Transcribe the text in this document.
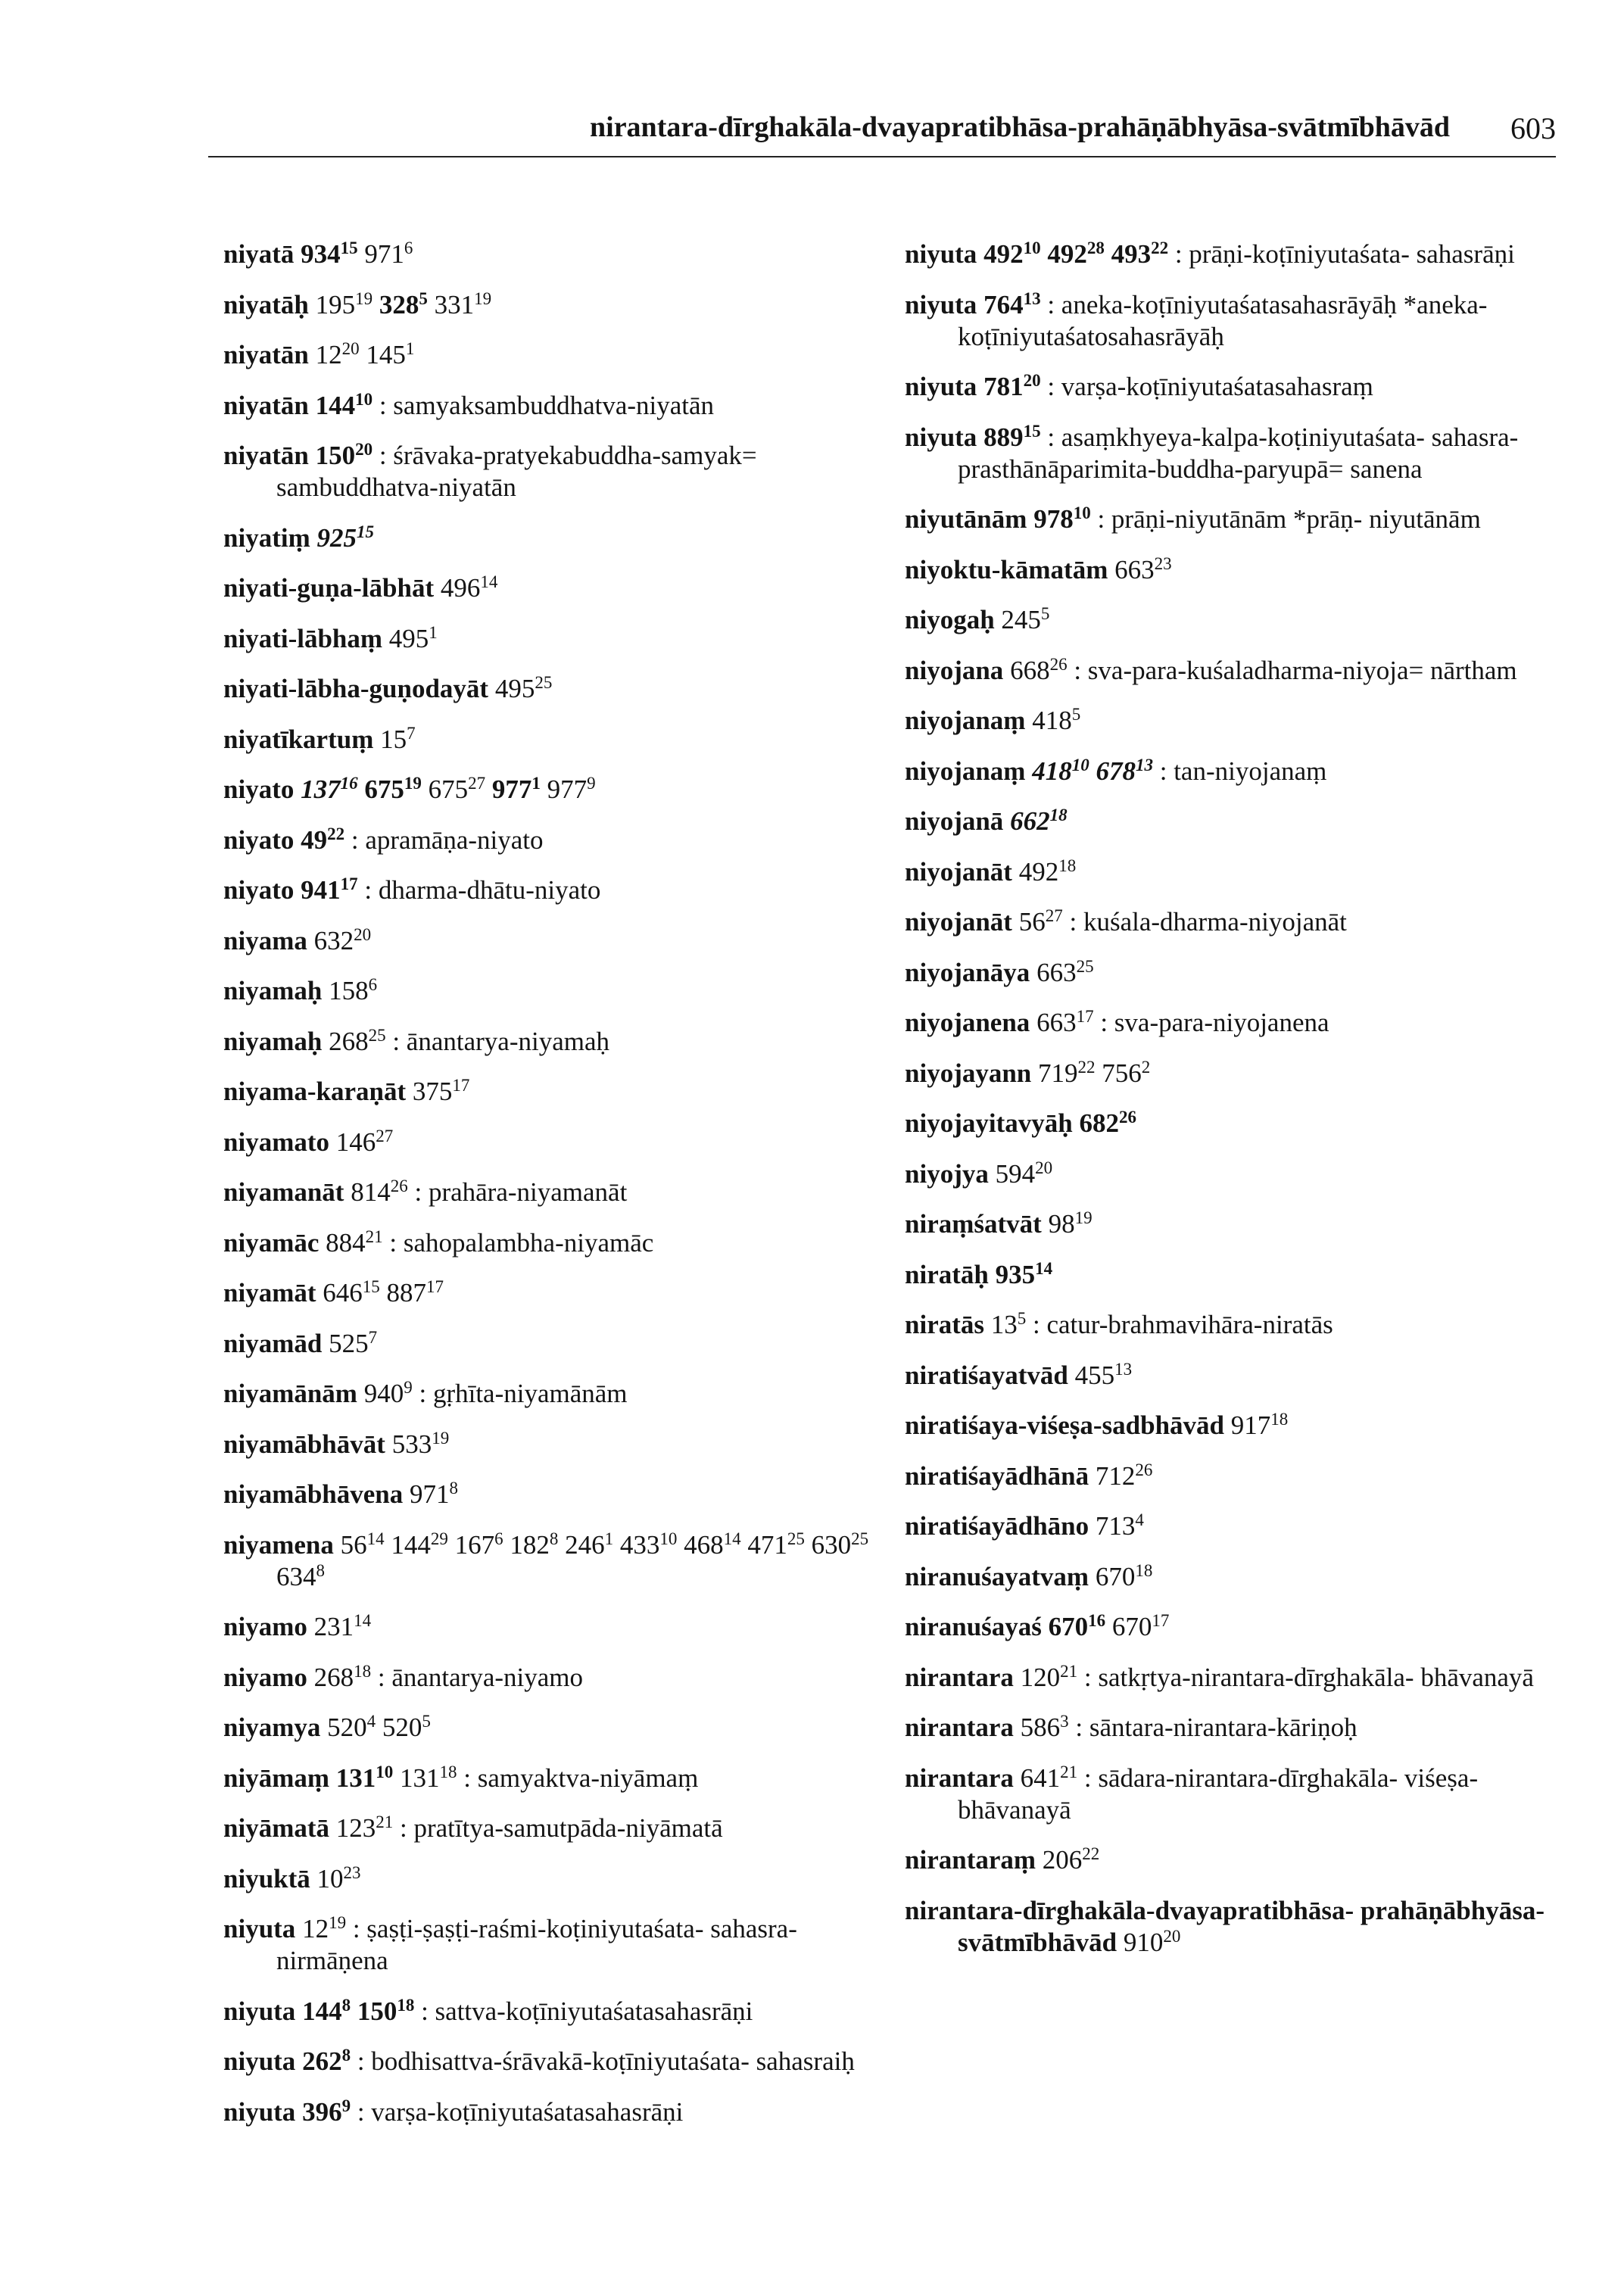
nirantara-dīrghakāla-dvayapratibhāsa-prahāṇābhyāsa-svātmībhāvād 603
niyatā $934^{15}$ $971^6$
niyatāḥ $195^{19}$ $328^5$ $331^{19}$
niyatān $12^{20}$ $145^1$
niyatān $144^{10}$ : samyaksambuddhatva-niyatān
niyatān $150^{20}$ : śrāvaka-pratyekabuddha-samyak= sambuddhatva-niyatān
niyatiṃ $925^{15}$
niyati-guṇa-lābhāt $496^{14}$
niyati-lābhaṃ $495^1$
niyati-lābha-guṇodayāt $495^{25}$
niyatīkartuṃ $15^7$
niyato $137^{16}$ $675^{19}$ $675^{27}$ $977^1$ $977^9$
niyato $49^{22}$ : apramāṇa-niyato
niyato $941^{17}$ : dharma-dhātu-niyato
niyama $632^{20}$
niyamaḥ $158^6$
niyamaḥ $268^{25}$ : ānantarya-niyamaḥ
niyama-karaṇāt $375^{17}$
niyamato $146^{27}$
niyamanāt $814^{26}$ : prahāra-niyamanāt
niyamāc $884^{21}$ : sahopalambha-niyamāc
niyamāt $646^{15}$ $887^{17}$
niyamād $525^7$
niyamānām $940^9$ : gṛhīta-niyamānām
niyamābhāvāt $533^{19}$
niyamābhāvena $971^8$
niyamena $56^{14}$ $144^{29}$ $167^6$ $182^8$ $246^1$ $433^{10}$ $468^{14}$ $471^{25}$ $630^{25}$ $634^8$
niyamo $231^{14}$
niyamo $268^{18}$ : ānantarya-niyamo
niyamya $520^4$ $520^5$
niyāmaṃ $131^{10}$ $131^{18}$ : samyaktva-niyāmaṃ
niyāmatā $123^{21}$ : pratītya-samutpāda-niyāmatā
niyuktā $10^{23}$
niyuta $12^{19}$ : ṣaṣṭi-ṣaṣṭi-raśmi-koṭiniyutaśata- sahasra-nirmāṇena
niyuta $144^8$ $150^{18}$ : sattva-koṭīniyutaśatasahasrāṇi
niyuta $262^8$ : bodhisattva-śrāvakā-koṭīniyutaśata- sahasraiḥ
niyuta $396^9$ : varṣa-koṭīniyutaśatasahasrāṇi
niyuta $492^{10}$ $492^{28}$ $493^{22}$ : prāṇi-koṭīniyutaśata- sahasrāṇi
niyuta $764^{13}$ : aneka-koṭīniyutaśatasahasrāyāḥ *aneka-koṭīniyutaśatosahasrāyāḥ
niyuta $781^{20}$ : varṣa-koṭīniyutaśatasahasraṃ
niyuta $889^{15}$ : asaṃkhyeya-kalpa-koṭiniyutaśata- sahasra-prasthānāparimita-buddha-paryupā= sanena
niyutānām $978^{10}$ : prāṇi-niyutānām *prāṇ- niyutānām
niyoktu-kāmatām $663^{23}$
niyogaḥ $245^5$
niyojana $668^{26}$ : sva-para-kuśaladharma-niyoja= nārtham
niyojanaṃ $418^5$
niyojanaṃ $418^{10}$ $678^{13}$ : tan-niyojanaṃ
niyojanā $662^{18}$
niyojanāt $492^{18}$
niyojanāt $56^{27}$ : kuśala-dharma-niyojanāt
niyojanāya $663^{25}$
niyojanena $663^{17}$ : sva-para-niyojanena
niyojayann $719^{22}$ $756^2$
niyojayitavyāḥ $682^{26}$
niyojya $594^{20}$
niraṃśatvāt $98^{19}$
niratāḥ $935^{14}$
niratās $13^5$ : catur-brahmavihāra-niratās
niratiśayatvād $455^{13}$
niratiśaya-viśeṣa-sadbhāvād $917^{18}$
niratiśayādhānā $712^{26}$
niratiśayādhāno $713^4$
niranuśayatvaṃ $670^{18}$
niranuśayaś $670^{16}$ $670^{17}$
nirantara $120^{21}$ : satkṛtya-nirantara-dīrghakāla- bhāvanayā
nirantara $586^3$ : sāntara-nirantara-kāriṇoḥ
nirantara $641^{21}$ : sādara-nirantara-dīrghakāla- viśeṣa-bhāvanayā
nirantaraṃ $206^{22}$
nirantara-dīrghakāla-dvayapratibhāsa- prahāṇābhyāsa-svātmībhāvād $910^{20}$
